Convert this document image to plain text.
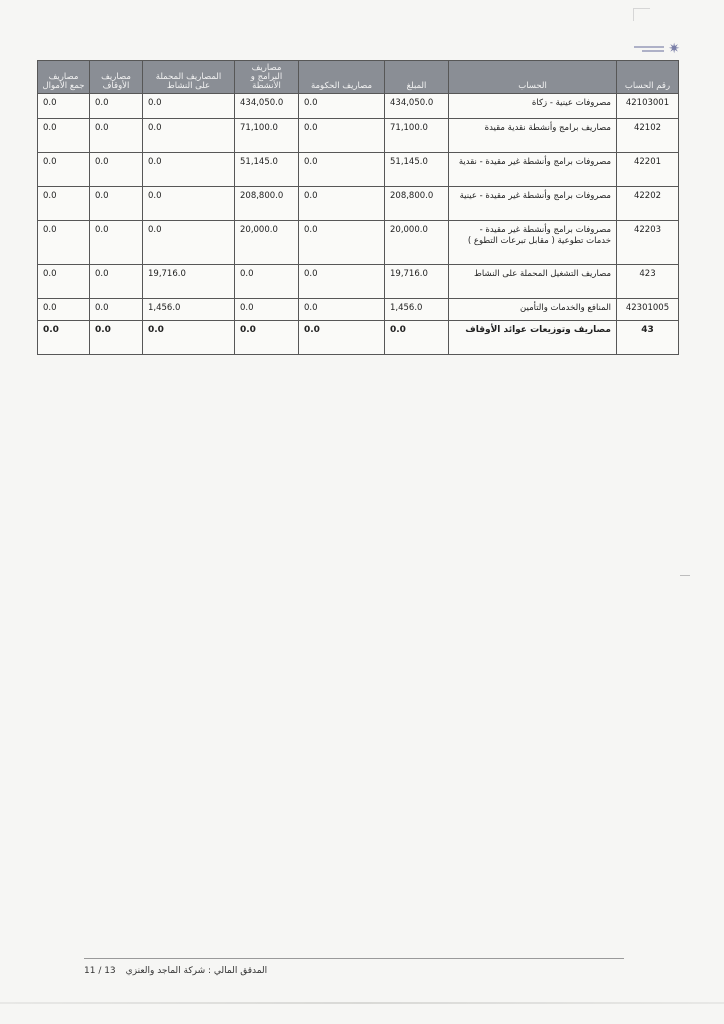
✷
رقم الحساب	الحساب	المبلغ	مصاريف الحكومة	مصاريف البرامج و الأنشطة	المصاريف المحملة على النشاط	مصاريف الأوقاف	مصاريف جمع الأموال
42103001	مصروفات عينية - زكاة	434,050.0	0.0	434,050.0	0.0	0.0	0.0
42102	مصاريف برامج وأنشطة نقدية مقيدة	71,100.0	0.0	71,100.0	0.0	0.0	0.0
42201	مصروفات برامج وأنشطة غير مقيدة - نقدية	51,145.0	0.0	51,145.0	0.0	0.0	0.0
42202	مصروفات برامج وأنشطة غير مقيدة - عينية	208,800.0	0.0	208,800.0	0.0	0.0	0.0
42203	مصروفات برامج وأنشطة غير مقيدة - خدمات تطوعية ( مقابل تبرعات التطوع )	20,000.0	0.0	20,000.0	0.0	0.0	0.0
423	مصاريف التشغيل المحملة على النشاط	19,716.0	0.0	0.0	19,716.0	0.0	0.0
42301005	المنافع والخدمات والتأمين	1,456.0	0.0	0.0	1,456.0	0.0	0.0
43	مصاريف وتوزيعات عوائد الأوقاف	0.0	0.0	0.0	0.0	0.0	0.0
المدقق المالي : شركة الماجد والعنزي
11 / 13
